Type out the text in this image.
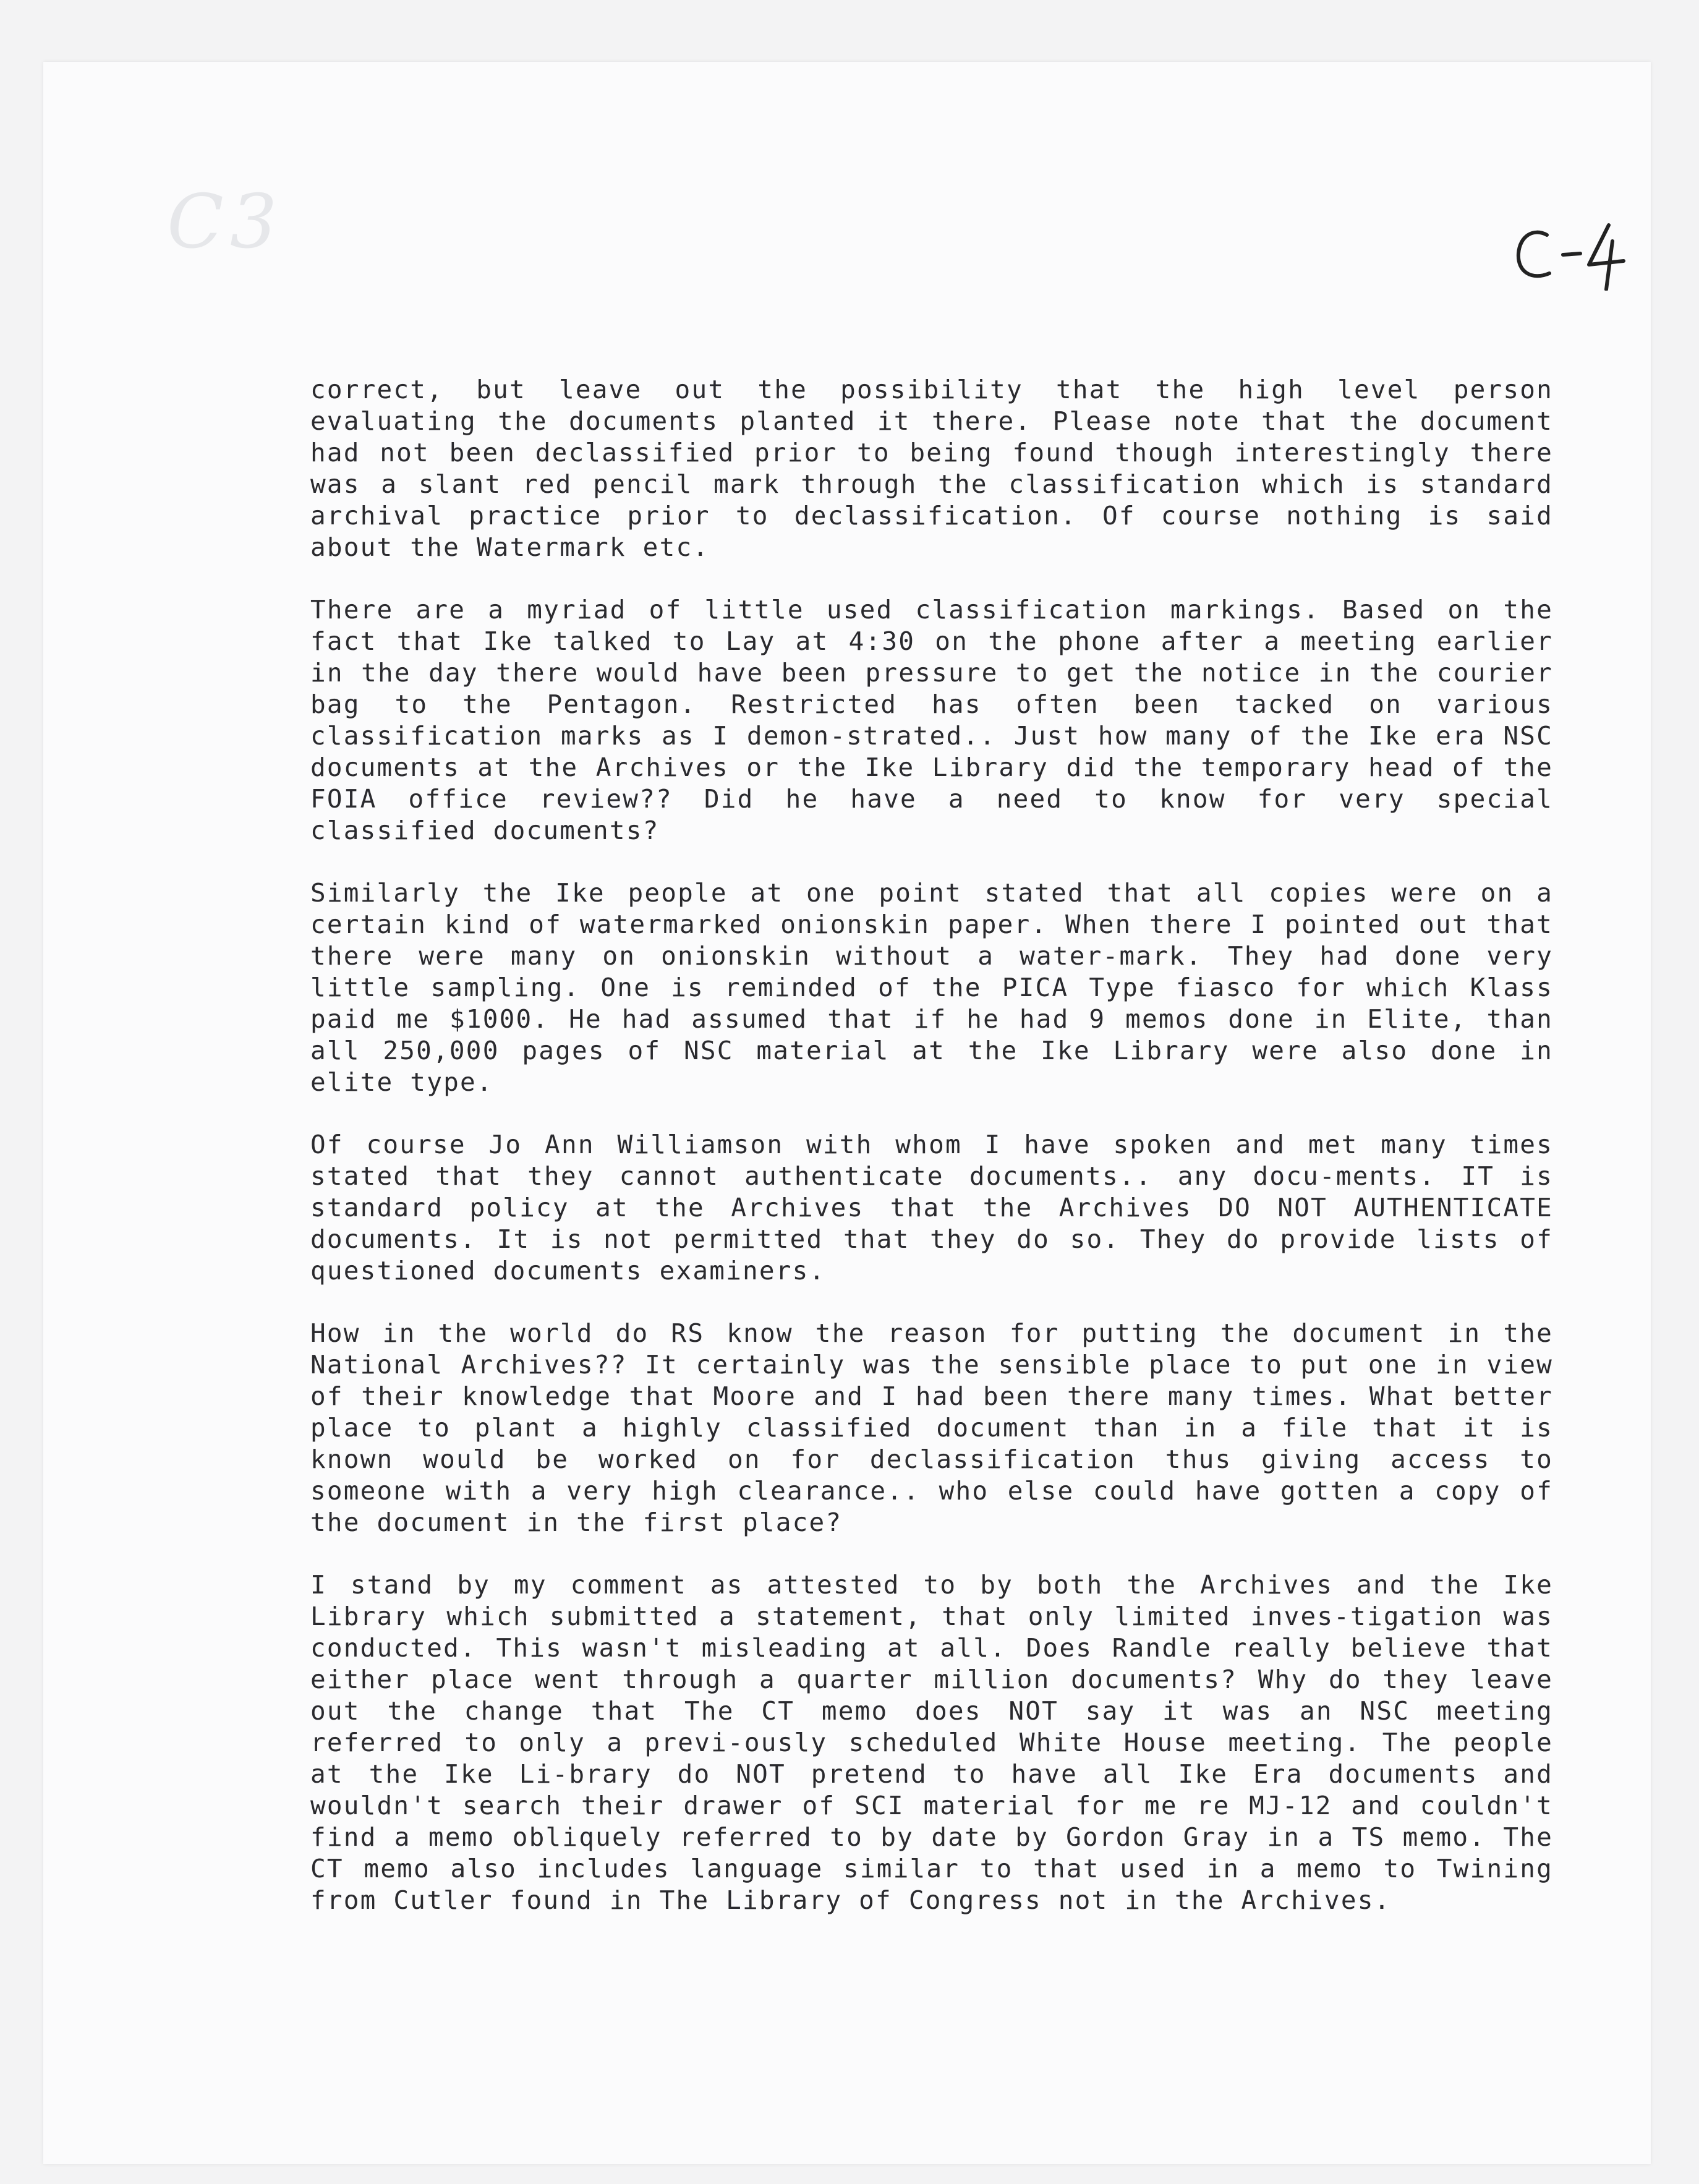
C3

correct, but leave out the possibility that the high level person evaluating the documents planted it there. Please note that the document had not been declassified prior to being found though interestingly there was a slant red pencil mark through the classification which is standard archival practice prior to declassification. Of course nothing is said about the Watermark etc.

There are a myriad of little used classification markings. Based on the fact that Ike talked to Lay at 4:30 on the phone after a meeting earlier in the day there would have been pressure to get the notice in the courier bag to the Pentagon. Restricted has often been tacked on various classification marks as I demon-strated.. Just how many of the Ike era NSC documents at the Archives or the Ike Library did the temporary head of the FOIA office review?? Did he have a need to know for very special classified documents?

Similarly the Ike people at one point stated that all copies were on a certain kind of watermarked onionskin paper. When there I pointed out that there were many on onionskin without a water-mark. They had done very little sampling. One is reminded of the PICA Type fiasco for which Klass paid me $1000. He had assumed that if he had 9 memos done in Elite, than all 250,000 pages of NSC material at the Ike Library were also done in elite type.

Of course Jo Ann Williamson with whom I have spoken and met many times stated that they cannot authenticate documents.. any docu-ments. IT is standard policy at the Archives that the Archives DO NOT AUTHENTICATE documents. It is not permitted that they do so. They do provide lists of questioned documents examiners.

How in the world do RS know the reason for putting the document in the National Archives?? It certainly was the sensible place to put one in view of their knowledge that Moore and I had been there many times. What better place to plant a highly classified document than in a file that it is known would be worked on for declassification thus giving access to someone with a very high clearance.. who else could have gotten a copy of the document in the first place?

I stand by my comment as attested to by both the Archives and the Ike Library which submitted a statement, that only limited inves-tigation was conducted. This wasn't misleading at all. Does Randle really believe that either place went through a quarter million documents? Why do they leave out the change that The CT memo does NOT say it was an NSC meeting referred to only a previ-ously scheduled White House meeting. The people at the Ike Li-brary do NOT pretend to have all Ike Era documents and wouldn't search their drawer of SCI material for me re MJ-12 and couldn't find a memo obliquely referred to by date by Gordon Gray in a TS memo. The CT memo also includes language similar to that used in a memo to Twining from Cutler found in The Library of Congress not in the Archives.
